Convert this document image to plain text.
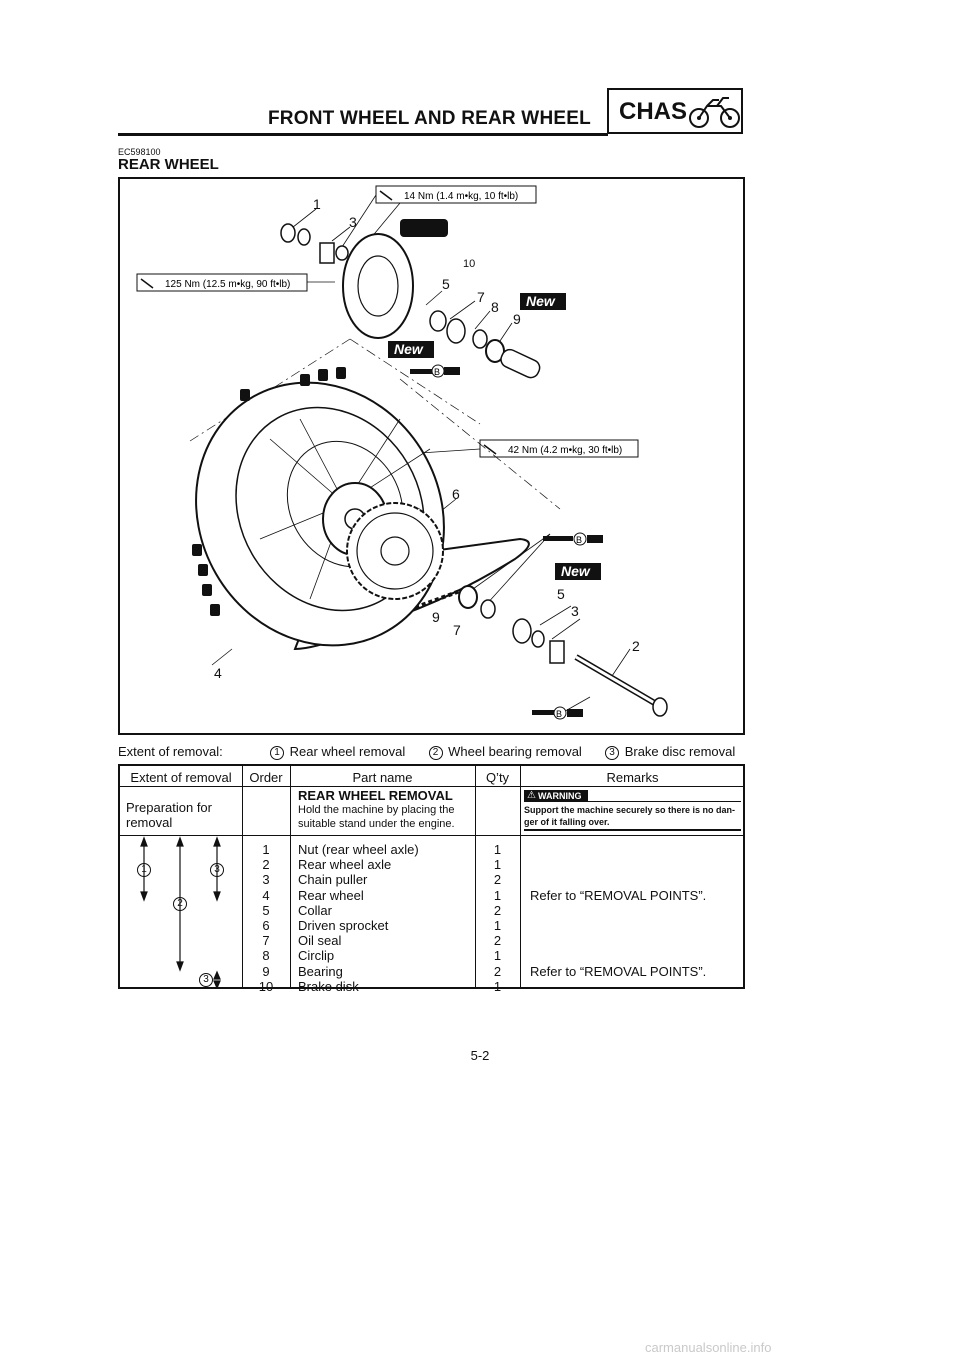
FRONT WHEEL AND REAR WHEEL CHAS
EC598100
REAR WHEEL
14 Nm (1.4 m•kg, 10 ft•lb)
125 Nm (12.5 m•kg, 90 ft•lb)
42 Nm (4.2 m•kg, 30 ft•lb)
B
B
B
New
New
New
1
3
10
5
7
8
9
6
5
3
9
7
2
4
Extent of removal:	1 Rear wheel removal	2 Wheel bearing removal	3 Brake disc removal
Extent of removal	Order	Part name	Q’ty	Remarks
Preparation for
removal
REAR WHEEL REMOVAL
Hold the machine by placing the
suitable stand under the engine.
⚠ WARNING
Support the machine securely so there is no dan-
ger of it falling over.
1
2
3
3
1	Nut (rear wheel axle)	1
2	Rear wheel axle	1
3	Chain puller	2
4	Rear wheel	1	Refer to “REMOVAL POINTS”.
5	Collar	2
6	Driven sprocket	1
7	Oil seal	2
8	Circlip	1
9	Bearing	2	Refer to “REMOVAL POINTS”.
10	Brake disk	1
5-2
carmanualsonline.info
